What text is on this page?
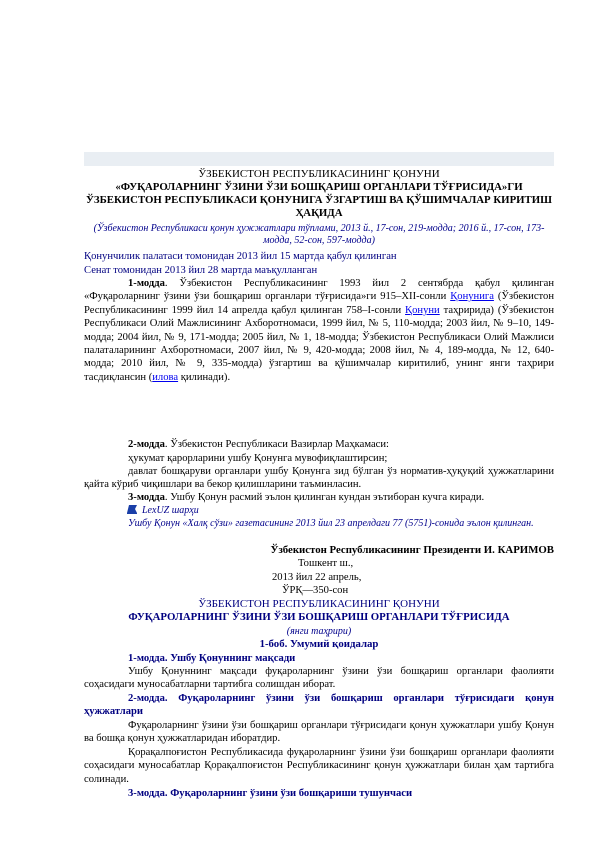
ЎЗБЕКИСТОН РЕСПУБЛИКАСИНИНГ ҚОНУНИ
«ФУҚАРОЛАРНИНГ ЎЗИНИ ЎЗИ БОШҚАРИШ ОРГАНЛАРИ ТЎҒРИСИДА»ГИ ЎЗБЕКИСТОН РЕСПУБЛИКАСИ ҚОНУНИГА ЎЗГАРТИШ ВА ҚЎШИМЧАЛАР КИРИТИШ ҲАҚИДА
(Ўзбекистон Республикаси қонун ҳужжатлари тўплами, 2013 й., 17-сон, 219-модда; 2016 й., 17-сон, 173-модда, 52-сон, 597-модда)
Қонунчилик палатаси томонидан 2013 йил 15 мартда қабул қилинган
Сенат томонидан 2013 йил 28 мартда маъқулланган

1-модда. Ўзбекистон Республикасининг 1993 йил 2 сентябрда қабул қилинган «Фуқароларнинг ўзини ўзи бошқариш органлари тўғрисида»ги 915–XII-сонли Қонунига (Ўзбекистон Республикасининг 1999 йил 14 апрелда қабул қилинган 758–I-сонли Қонуни таҳририда) (Ўзбекистон Республикаси Олий Мажлисининг Ахборотномаси, 1999 йил, № 5, 110-модда; 2003 йил, № 9–10, 149-модда; 2004 йил, № 9, 171-модда; 2005 йил, № 1, 18-модда; Ўзбекистон Республикаси Олий Мажлиси палаталарининг Ахборотномаси, 2007 йил, № 9, 420-модда; 2008 йил, № 4, 189-модда, № 12, 640-модда; 2010 йил, № 9, 335-модда) ўзгартиш ва қўшимчалар киритилиб, унинг янги таҳрири тасдиқлансин (илова қилинади).

2-модда. Ўзбекистон Республикаси Вазирлар Маҳкамаси:

ҳукумат қарорларини ушбу Қонунга мувофиқлаштирсин;

давлат бошқаруви органлари ушбу Қонунга зид бўлган ўз норматив-ҳуқуқий ҳужжатларини қайта кўриб чиқишлари ва бекор қилишларини таъминласин.

3-модда. Ушбу Қонун расмий эълон қилинган кундан эътиборан кучга киради.

LexUZ шарҳи

Ушбу Қонун «Халқ сўзи» газетасининг 2013 йил 23 апрелдаги 77 (5751)-сонида эълон қилинган.

Ўзбекистон Республикасининг Президенти И. КАРИМОВ
Тошкент ш.,
2013 йил 22 апрель,
ЎРҚ—350-сон
ЎЗБЕКИСТОН РЕСПУБЛИКАСИНИНГ ҚОНУНИ
ФУҚАРОЛАРНИНГ ЎЗИНИ ЎЗИ БОШҚАРИШ ОРГАНЛАРИ ТЎҒРИСИДА
(янги таҳрири)
1-боб. Умумий қоидалар
1-модда. Ушбу Қонуннинг мақсади

Ушбу Қонуннинг мақсади фуқароларнинг ўзини ўзи бошқариш органлари фаолияти соҳасидаги муносабатларни тартибга солишдан иборат.

2-модда. Фуқароларнинг ўзини ўзи бошқариш органлари тўғрисидаги қонун ҳужжатлари

Фуқароларнинг ўзини ўзи бошқариш органлари тўғрисидаги қонун ҳужжатлари ушбу Қонун ва бошқа қонун ҳужжатларидан иборатдир.

Қорақалпоғистон Республикасида фуқароларнинг ўзини ўзи бошқариш органлари фаолияти соҳасидаги муносабатлар Қорақалпоғистон Республикасининг қонун ҳужжатлари билан ҳам тартибга солинади.

3-модда. Фуқароларнинг ўзини ўзи бошқариши тушунчаси
